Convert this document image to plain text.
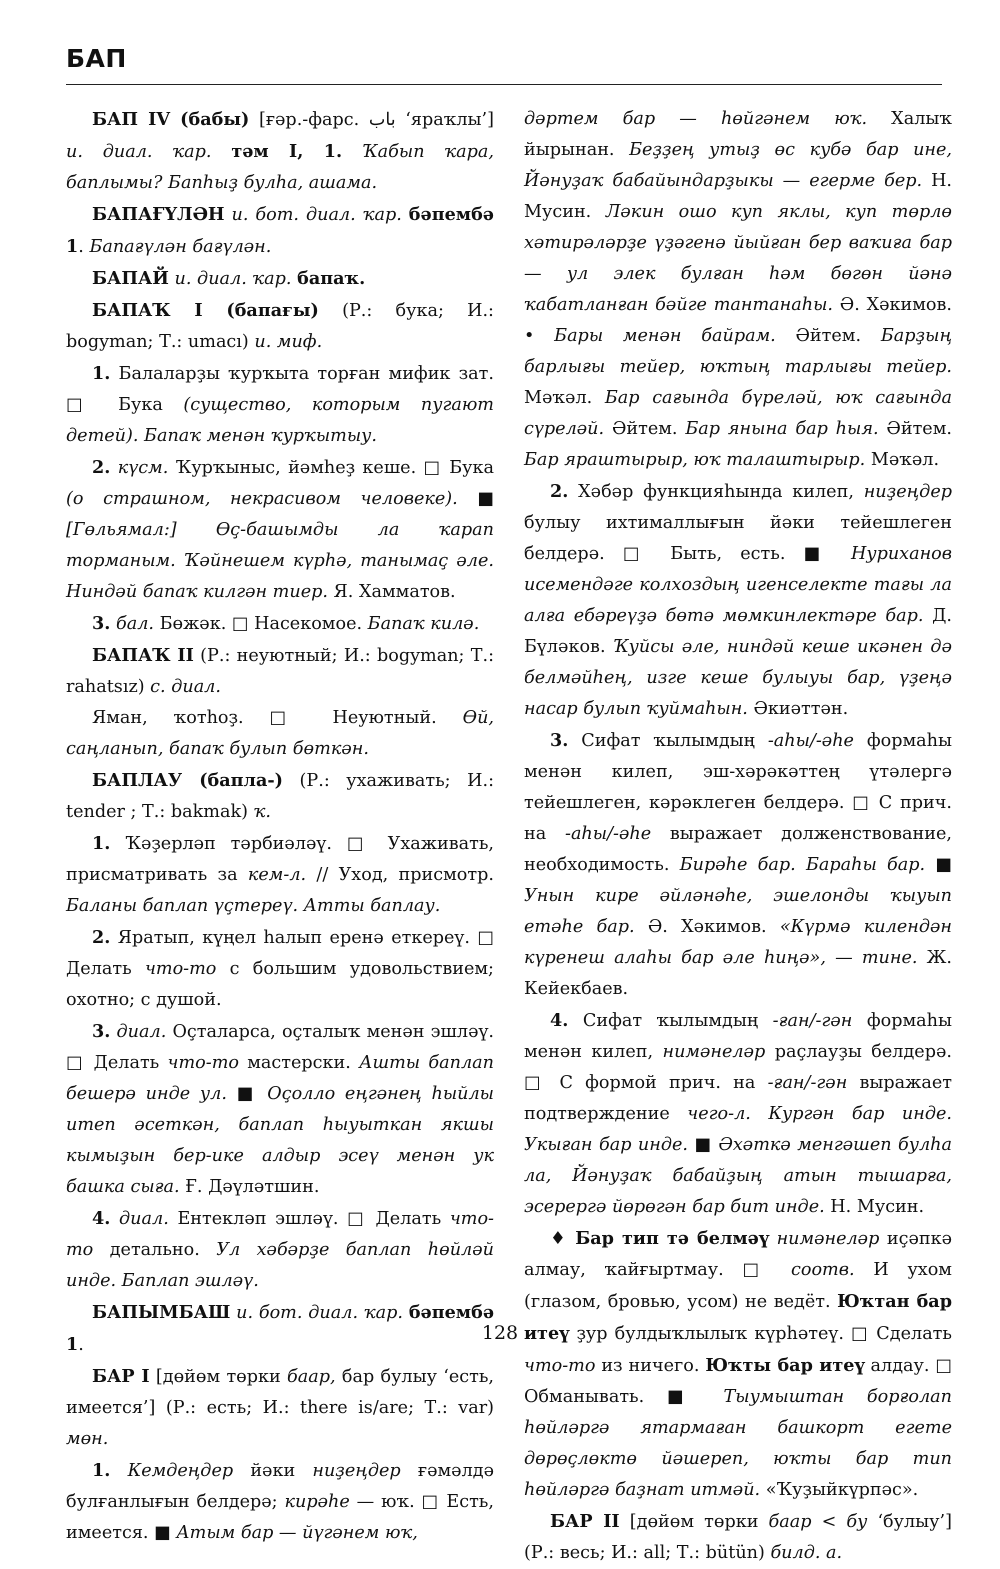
БАП

БАП IV (бабы) [ғәр.-фарс. باب ‘яраҡлы’] и. диал. ҡар. тәм I, 1. Ҡабып ҡара, баплымы? Бапһыҙ булһа, ашама.

БАПАҒҮЛӘН и. бот. диал. ҡар. бәпембә 1. Бапағүлән бағүлән.

БАПАЙ и. диал. ҡар. бапаҡ.

БАПАҠ I (бапағы) (Р.: бука; И.: bogyman; Т.: umacı) и. миф.

1. Балаларҙы ҡурҡыта торған мифик зат. □ Бука (существо, которым пугают детей). Бапаҡ менән ҡурҡытыу.

2. күсм. Ҡурҡыныс, йәмһеҙ кеше. □ Бука (о страшном, некрасивом человеке). ■ [Гөльямал:] Өҫ-башымды ла ҡарап торманым. Ҡәйнешем күрһә, танымаҫ әле. Ниндәй бапаҡ килгән тиер. Я. Хамматов.

3. бал. Бөжәк. □ Насекомое. Бапаҡ килә.

БАПАҠ II (Р.: неуютный; И.: bogyman; Т.: rahatsız) с. диал.

Яман, ҡотһоҙ. □ Неуютный. Өй, саңланып, бапаҡ булып бөткән.

БАПЛАУ (бапла-) (Р.: ухаживать; И.: tender ; Т.: bakmak) ҡ.

1. Ҡәҙерләп тәрбиәләү. □ Ухаживать, присматривать за кем-л. // Уход, присмотр. Баланы баплап үҫтереү. Атты баплау.

2. Яратып, күңел һалып еренә еткереү. □ Делать что-то с большим удовольствием; охотно; с душой.

3. диал. Оҫталарса, оҫталыҡ менән эшләү. □ Делать что-то мастерски. Ашты баплап бешерә инде ул. ■ Оҫолло еңгәнең һыйлы итеп әсеткән, баплап һыуыткан якшы кымыҙын бер-ике алдыр эсеү менән ук башка сыға. Ғ. Дәүләтшин.

4. диал. Ентекләп эшләү. □ Делать что-то детально. Ул хәбәрҙе баплап һөйләй инде. Баплап эшләү.

БАПЫМБАШ и. бот. диал. ҡар. бәпембә 1.

БАР I [дөйөм төрки баар, бар булыу ‘есть, имеется’] (Р.: есть; И.: there is/are; Т.: var) мөн.

1. Кемдеңдер йәки ниҙеңдер ғәмәлдә булғанлығын белдерә; кирәһе — юҡ. □ Есть, имеется. ■ Атым бар — йүгәнем юҡ,

дәртем бар — һөйгәнем юҡ. Халыҡ йырынан. Беҙҙең утыҙ өс кубә бар ине, Йәнуҙаҡ бабайындарҙыкы — егерме бер. Н. Мусин. Ләкин ошо куп яклы, куп төрлө хәтирәләрҙе үҙәгенә йыйған бер ваҡиға бар — ул элек булған һәм бөгөн йәнә ҡабатланған бәйге тантанаһы. Ә. Хәкимов. • Бары менән байрам. Әйтем. Барҙың барлығы тейер, юҡтың тарлығы тейер. Мәҡәл. Бар сағында бүреләй, юҡ сағында сүреләй. Әйтем. Бар янына бар һыя. Әйтем. Бар яраштырыр, юҡ талаштырыр. Мәҡәл.

2. Хәбәр функцияһында килеп, ниҙеңдер булыу ихтималлығын йәки тейешлеген белдерә. □ Быть, есть. ■ Нуриханов исемендәге колхоздың игенселекте тағы ла алға ебәреүҙә бөтә мөмкинлектәре бар. Д. Бүләков. Ҡуйсы әле, ниндәй кеше икәнен дә белмәйһең, изге кеше булыуы бар, үҙеңә насар булып ҡуймаһын. Әкиәттән.

3. Сифат ҡылымдың -аһы/-әһе формаһы менән килеп, эш-хәрәкәттең үтәлергә тейешлеген, кәрәклеген белдерә. □ С прич. на -аһы/-әһе выражает долженствование, необходимость. Бирәһе бар. Бараһы бар. ■ Унын кире әйләнәһе, эшелонды ҡыуып етәһе бар. Ә. Хәкимов. «Күрмә килендән күренеш алаһы бар әле һиңә», — тине. Ж. Кейекбаев.

4. Сифат ҡылымдың -ған/-гән формаһы менән килеп, нимәнеләр раҫлауҙы белдерә. □ С формой прич. на -ған/-гән выражает подтверждение чего-л. Кургән бар инде. Укыған бар инде. ■ Әхәткә менгәшеп булһа ла, Йәнуҙаҡ бабайҙың атын тышарға, эсерергә йөрөгән бар бит инде. Н. Мусин.

♦ Бар тип тә белмәү нимәнеләр иҫәпкә алмау, ҡайғыртмау. □ соотв. И ухом (глазом, бровью, усом) не ведёт. Юҡтан бар итеү ҙур булдыҡлылыҡ күрһәтеү. □ Сделать что-то из ничего. Юҡты бар итеү алдау. □ Обманывать. ■ Тыумыштан борғолап һөйләргә ятармаған башкорт егете дөрөҫлөктө йәшереп, юҡты бар тип һөйләргә баҙнат итмәй. «Ҡуҙыйкүрпәс».

БАР II [дөйөм төрки баар < бу ‘булыу’] (Р.: весь; И.: all; Т.: bütün) билд. а.

128
